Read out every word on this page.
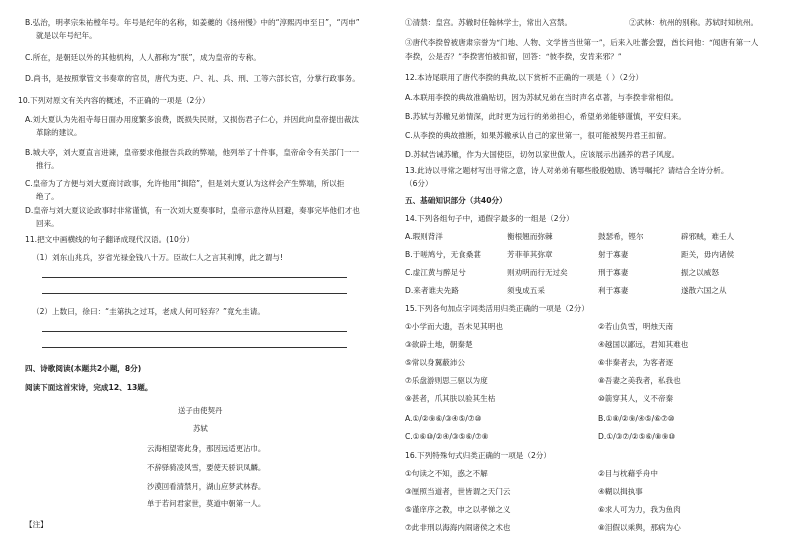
B.弘治，明孝宗朱祐樘年号。年号是纪年的名称，如姜夔的《扬州慢》中的“淳熙丙申至日”，“丙申”
就是以年号纪年。
C.所在，是朝廷以外的其他机构，人人都称为“朕”，成为皇帝的专称。
D.尚书，是按照掌管文书奏章的官员，唐代为吏、户、礼、兵、刑、工等六部长官，分掌行政事务。
10.下列对原文有关内容的概述，不正确的一项是（2分）
A.刘大夏认为先祖寺每日面办用度繁多浪费，既损失民财，又损伤君子仁心，并因此向皇帝提出裁汰
革除的建议。
B.城大亭，刘大夏直言进谏，皇帝要求他报告兵政的弊端，他列举了十件事，皇帝命令有关部门一一
推行。
C.皇帝为了方便与刘大夏商讨政事，允许他用“揖陪”，但是刘大夏认为这样会产生弊端，所以拒
绝了。
D.皇帝与刘大夏议论政事时非常谨慎，有一次刘大夏奏事时，皇帝示意待从回避，奏事完毕他们才也
回来。
11.把文中画横线的句子翻译成现代汉语。(10分）
（1）刘东山兆兵，岁省光禄金钱八十万。臣故仁人之言其利博，此之谓与!
（2）上数曰，徐曰：“圭第执之过耳，老成人何可轻弃？”竟允圭请。
四、诗歌阅读(本题共2小题，8分)
阅读下面这首宋诗，完成12、13题。
送子由使契丹
苏轼
云海相望寄此身，那因远适更沾巾。
不辞驿骑凌风雪，要使天骄识凤麟。
沙漠回看清禁月，湖山应梦武林春。
单于若问君家世，莫道中朝第一人。
【注】
①清禁：皇宫。苏辙时任翰林学士，常出入宫禁。	②武林：杭州的别称。苏轼时知杭州。
③唐代李揆曾被唐肃宗誉为“门地、人物、文学皆当世第一”，后来入吐蕃会盟，酋长问他：“闻唐有第一人
李揆，公是否？”李揆害怕被扣留，回答：“彼李揆，安肯来邪？”
12.本诗尾联用了唐代李揆的典故,以下赏析不正确的一项是（ ）（2分）
A.本联用李揆的典故准确贴切，因为苏轼兄弟在当时声名卓著，与李揆非常相似。
B.苏轼与苏辙兄弟情深，此时更为远行的弟弟担心，希望弟弟能够谨慎，平安归来。
C.从李揆的典故推断，如果苏辙承认自己的家世第一，很可能被契丹君王扣留。
D.苏轼告诫苏辙，作为大国使臣，切勿以家世傲人，应该展示出涵养的君子风度。
13.此诗以寻常之题材写出寻常之意，诗人对弟弟有哪些殷殷勉励、诱导嘱托？请结合全诗分析。
（6分）
五、基础知识部分（共40分）
14.下列各组句子中，通假字最多的一组是（2分）
A.瑕则背洋	衡根翘而弥棘	鼓瑟希，铿尔	辟邪贼，难壬人
B.于嗟鸠兮，无食桑葚	芳菲菲其弥章	射于寡妻	距关，毋内诸侯
C.虚江黄与醉足兮	则劝明而行无过矣	刑于寡妻	振之以威怒
D.来者谁夫先路	须曳成五采	利于寡妻	遂散六国之从
15.下列各句加点字词类活用归类正确的一项是（2分）
①小学而大遗，吾未见其明也	②若山负雪，明烛天南
③欲辟土地，朝秦楚	④越国以鄙远，君知其难也
⑤常以身翼蔽沛公	⑥非秦者去，为客者逐
⑦乐盘游则思三驱以为度	⑧吾妻之美我者，私我也
⑨甚者，爪其肤以验其生枯	⑩箭穿其人，义不帝秦
A.①/②⑨⑥/③④⑤/⑦⑩	B.①⑧/②⑨/④⑤/⑥⑦⑩
C.①⑥⑩/②④/③⑤⑥/⑦⑧	D.①/③⑦/②⑤⑥/⑧⑨⑩
16.下列特殊句式归类正确的一项是（2分）
①句读之不知，惑之不解	②目与枕藉乎舟中
③厘照当道者，世皆谓之天门云	④糊以揖执事
⑤谨庠序之教，申之以孝悌之义	⑥求人可为力，我为鱼肉
⑦此非刑以海海内闹诸侯之术也	⑧泪假以乘舆，那病为心
